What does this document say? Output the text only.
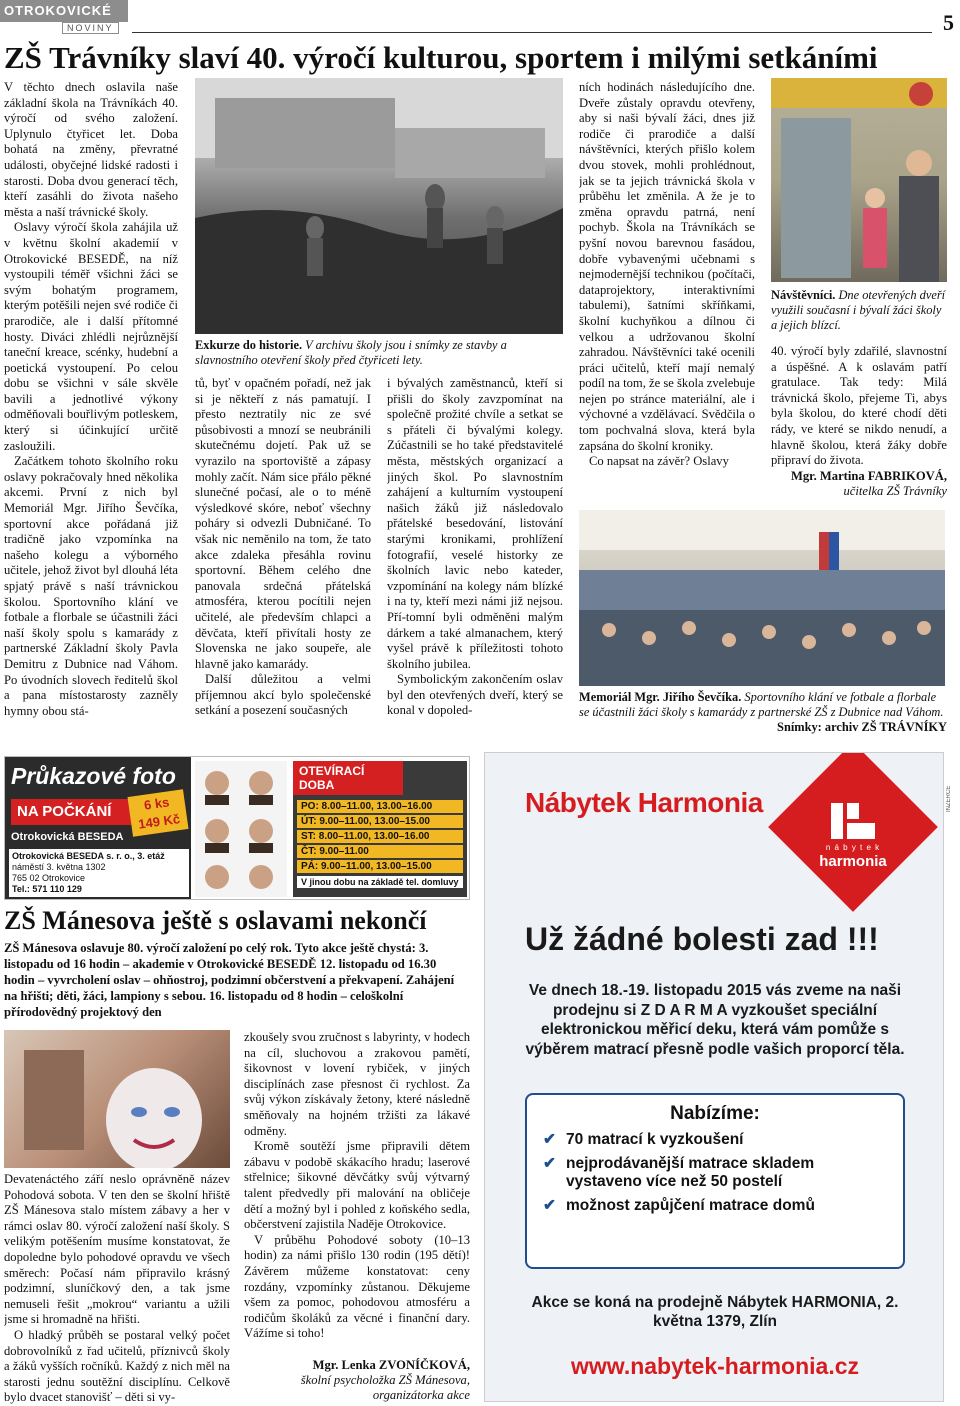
OTROKOVICKÉ
NOVINY	5
ZŠ Trávníky slaví 40. výročí kulturou, sportem i milými setkáními

V těchto dnech oslavila naše základní škola na Trávníkách 40. výročí od svého založení. Uplynulo čtyřicet let. Doba bohatá na změny, převratné události, obyčejné lidské radosti i starosti. Doba dvou generací těch, kteří zasáhli do života našeho města a naší trávnické školy.

Oslavy výročí škola zahájila už v květnu školní akademií v Otrokovické BESEDĚ, na níž vystoupili téměř všichni žáci se svým bohatým programem, kterým potěšili nejen své rodiče či prarodiče, ale i další přítomné hosty. Diváci zhlédli nejrůznější taneční kreace, scénky, hudební a poetická vystoupení. Po celou dobu se všichni v sále skvěle bavili a jednotlivé výkony odměňovali bouřlivým potleskem, který si účinkující určitě zasloužili.

Začátkem tohoto školního roku oslavy pokračovaly hned několika akcemi. První z nich byl Memoriál Mgr. Jiřího Ševčíka, sportovní akce pořádaná již tradičně jako vzpomínka na našeho kolegu a výborného učitele, jehož život byl dlouhá léta spjatý právě s naší trávnickou školou. Sportovního klání ve fotbale a florbale se účastnili žáci naší školy spolu s kamarády z partnerské Základní školy Pavla Demitru z Dubnice nad Váhom. Po úvodních slovech ředitelů škol a pana místostarosty zazněly hymny obou stá-

Exkurze do historie. V archivu školy jsou i snímky ze stavby a slavnostního otevření školy před čtyřiceti lety.

tů, byť v opačném pořadí, než jak si je někteří z nás pamatují. I přesto neztratily nic ze své působivosti a mnozí se neubránili skutečnému dojetí. Pak už se vyrazilo na sportoviště a zápasy mohly začít. Nám sice přálo pěkné slunečné počasí, ale o to méně výsledkové skóre, neboť všechny poháry si odvezli Dubničané. To však nic neměnilo na tom, že tato akce zdaleka přesáhla rovinu sportovní. Během celého dne panovala srdečná přátelská atmosféra, kterou pocítili nejen učitelé, ale především chlapci a děvčata, kteří přivítali hosty ze Slovenska ne jako soupeře, ale hlavně jako kamarády.

Další důležitou a velmi příjemnou akcí bylo společenské setkání a posezení současných

i bývalých zaměstnanců, kteří si přišli do školy zavzpomínat na společně prožité chvíle a setkat se s přáteli či bývalými kolegy. Zúčastnili se ho také představitelé města, městských organizací a jiných škol. Po slavnostním zahájení a kulturním vystoupení našich žáků již následovalo přátelské besedování, listování starými kronikami, prohlížení fotografií, veselé historky ze školních lavic nebo kateder, vzpomínání na kolegy nám blízké i na ty, kteří mezi námi již nejsou. Pří-tomní byli odměněni malým dárkem a také almanachem, který vyšel právě k příležitosti tohoto školního jubilea.

Symbolickým zakončením oslav byl den otevřených dveří, který se konal v dopoled-

ních hodinách následujícího dne. Dveře zůstaly opravdu otevřeny, aby si naši bývalí žáci, dnes již rodiče či prarodiče a další návštěvníci, kterých přišlo kolem dvou stovek, mohli prohlédnout, jak se ta jejich trávnická škola v průběhu let změnila. A že je to změna opravdu patrná, není pochyb. Škola na Trávníkách se pyšní novou barevnou fasádou, dobře vybavenými učebnami s nejmodernější technikou (počítači, dataprojektory, interaktivními tabulemi), šatními skříňkami, školní kuchyňkou a dílnou či velkou a udržovanou školní zahradou. Návštěvníci také ocenili práci učitelů, kteří mají nemalý podíl na tom, že se škola zvelebuje nejen po stránce materiální, ale i výchovné a vzdělávací. Svědčila o tom pochvalná slova, která byla zapsána do školní kroniky.

Co napsat na závěr? Oslavy

Návštěvníci. Dne otevřených dveří využili současní i bývalí žáci školy a jejich blízcí.

40. výročí byly zdařilé, slavnostní a úspěšné. A k oslavám patří gratulace. Tak tedy: Milá trávnická školo, přejeme Ti, abys byla školou, do které chodí děti rády, ve které se nikdo nenudí, a hlavně školou, která žáky dobře připraví do života.

Mgr. Martina FABRIKOVÁ,
učitelka ZŠ Trávníky
Memoriál Mgr. Jiřího Ševčíka. Sportovního klání ve fotbale a florbale se účastnili žáci školy s kamarády z partnerské ZŠ z Dubnice nad Váhom.
Snímky: archiv ZŠ TRÁVNÍKY
Průkazové foto
NA POČKÁNÍ	6 ks
149 Kč
Otrokovická BESEDA
Otrokovická BESEDA s. r. o., 3. etáž
náměstí 3. května 1302
765 02 Otrokovice
Tel.: 571 110 129
OTEVÍRACÍ DOBA
PO: 8.00–11.00, 13.00–16.00
ÚT: 9.00–11.00, 13.00–15.00
ST: 8.00–11.00, 13.00–16.00
ČT: 9.00–11.00
PÁ: 9.00–11.00, 13.00–15.00
V jinou dobu na základě tel. domluvy
ZŠ Mánesova ještě s oslavami nekončí
ZŠ Mánesova oslavuje 80. výročí založení po celý rok. Tyto akce ještě chystá: 3. listopadu od 16 hodin – akademie v Otrokovické BESEDĚ 12. listopadu od 16.30 hodin – vyvrcholení oslav – ohňostroj, podzimní občerstvení a překvapení. Zahájení na hřišti; děti, žáci, lampiony s sebou. 16. listopadu od 8 hodin – celoškolní přírodovědný projektový den

Devatenáctého září neslo oprávněně název Pohodová sobota. V ten den se školní hřiště ZŠ Mánesova stalo místem zábavy a her v rámci oslav 80. výročí založení naší školy. S velikým potěšením musíme konstatovat, že dopoledne bylo pohodové opravdu ve všech směrech: Počasí nám připravilo krásný podzimní, sluníčkový den, a tak jsme nemuseli řešit „mokrou“ variantu a užili jsme si hromadně na hřišti.

O hladký průběh se postaral velký počet dobrovolníků z řad učitelů, příznivců školy a žáků vyšších ročníků. Každý z nich měl na starosti jednu soutěžní disciplínu. Celkově bylo dvacet stanovišť – děti si vy-

zkoušely svou zručnost s labyrinty, v hodech na cíl, sluchovou a zrakovou pamětí, šikovnost v lovení rybiček, v jiných disciplínách zase přesnost či rychlost. Za svůj výkon získávaly žetony, které následně směňovaly na hojném tržišti za lákavé odměny.

Kromě soutěží jsme připravili dětem zábavu v podobě skákacího hradu; laserové střelnice; šikovné děvčátky svůj výtvarný talent předvedly při malování na obličeje dětí a možný byl i pohled z koňského sedla, občerstvení zajistila Naděje Otrokovice.

V průběhu Pohodové soboty (10–13 hodin) za námi přišlo 130 rodin (195 dětí)! Závěrem můžeme konstatovat: ceny rozdány, vzpomínky zůstanou. Děkujeme všem za pomoc, pohodovou atmosféru a rodičům školáků za věcné i finanční dary. Vážíme si toho!

Mgr. Lenka ZVONÍČKOVÁ,
školní psycholožka ZŠ Mánesova,
organizátorka akce
INZERCE
Nábytek Harmonia
n á b y t e k
harmonia
Už žádné bolesti zad !!!
Ve dnech 18.-19. listopadu 2015 vás zveme na naši prodejnu si Z D A R M A vyzkoušet speciální elektronickou měřicí deku, která vám pomůže s výběrem matrací přesně podle vašich proporcí těla.
Nabízíme:
✔ 70 matrací k vyzkoušení
✔ nejprodávanější matrace skladem vystaveno více než 50 postelí
✔ možnost zapůjčení matrace domů
Akce se koná na prodejně Nábytek HARMONIA, 2. května 1379, Zlín
www.nabytek-harmonia.cz
